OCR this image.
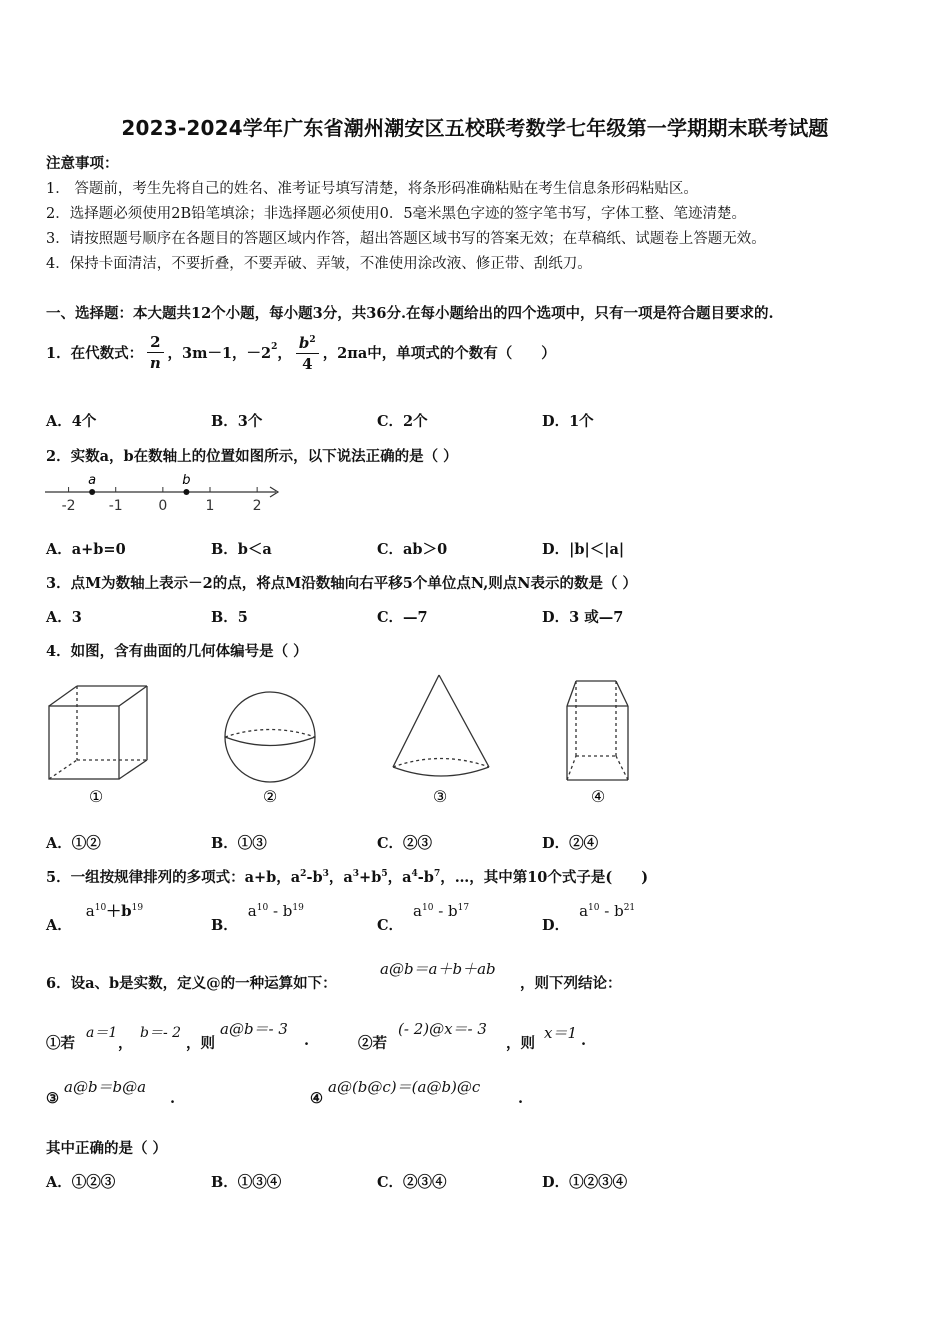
2023-2024学年广东省潮州潮安区五校联考数学七年级第一学期期末联考试题
注意事项：
1． 答题前，考生先将自己的姓名、准考证号填写清楚，将条形码准确粘贴在考生信息条形码粘贴区。
2．选择题必须使用2B铅笔填涂；非选择题必须使用0．5毫米黑色字迹的签字笔书写，字体工整、笔迹清楚。
3．请按照题号顺序在各题目的答题区域内作答，超出答题区域书写的答案无效；在草稿纸、试题卷上答题无效。
4．保持卡面清洁，不要折叠，不要弄破、弄皱，不准使用涂改液、修正带、刮纸刀。
一、选择题：本大题共12个小题，每小题3分，共36分.在每小题给出的四个选项中，只有一项是符合题目要求的.
1．在代数式： $\frac{2}{n}$ ，3m－1，$-2^2$ ， $\frac{b^2}{4}$ ，2πa中，单项式的个数有（　　）
A．4个	B．3个	C．2个	D．1个
2．实数a，b在数轴上的位置如图所示，以下说法正确的是（ ）
-2 -1	0	1	2
a	b
A．a+b=0	B．b＜a	C．ab＞0	D．|b|＜|a|
3．点M为数轴上表示－2的点，将点M沿数轴向右平移5个单位点N,则点N表示的数是（ ）
A．3	B．5	C．—7	D．3 或—7
4．如图，含有曲面的几何体编号是（ ）
①	②	③	④
A．①②	B．①③	C．②③	D．②④
5．一组按规律排列的多项式：a+b，$a^2-b^3$，$a^3+b^5$，$a^4-b^7$，…，其中第10个式子是(　　)
A．$a^{10}+b^{19}$
B．$a^{10} - b^{19}$
C．$a^{10} - b^{17}$
D．$a^{10} - b^{21}$
6．设a、b是实数，定义@的一种运算如下：
a@b＝a＋b＋ab
，则下列结论：
①若
a＝1
，
b＝- 2
，则
a@b＝- 3
.	②若
(- 2)@x＝- 3
，则
x＝1 .
③
a@b＝b@a
.	④
a@(b@c)＝(a@b)@c
.
其中正确的是（ ）
A．①②③	B．①③④	C．②③④	D．①②③④
